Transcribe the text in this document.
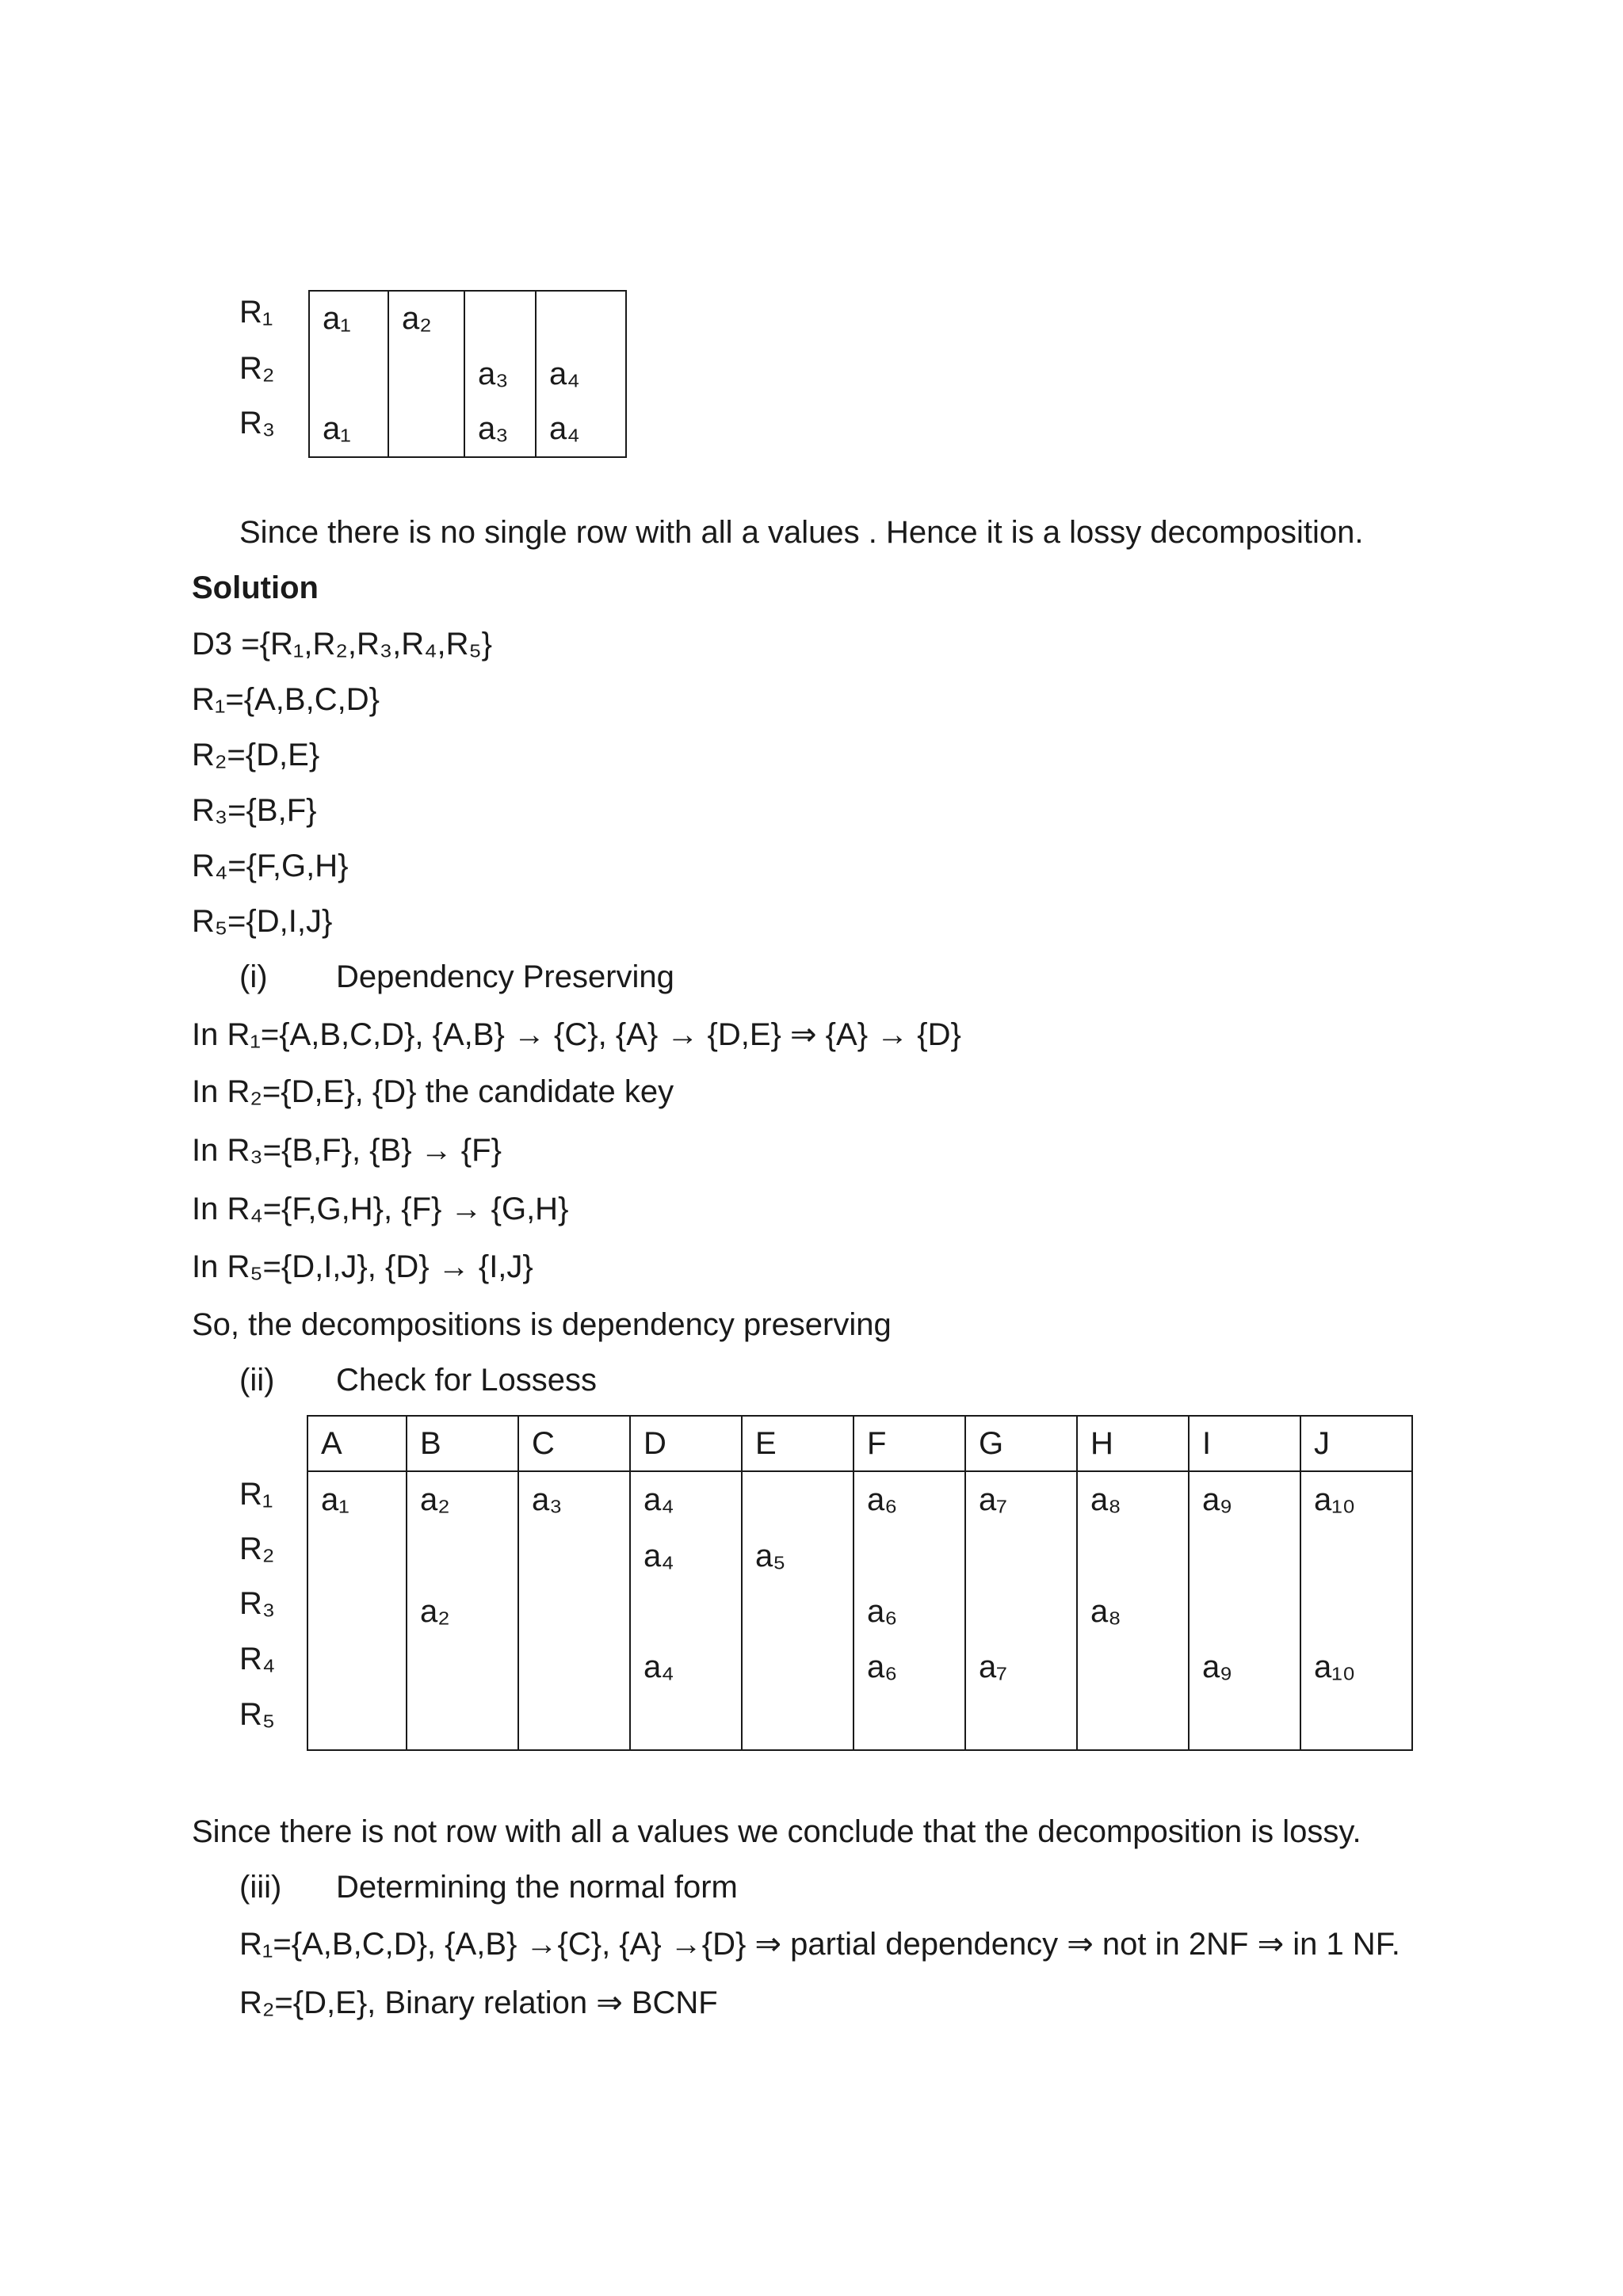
R₁
R₂
R₃
a₁	a₂		
		a₃	a₄
a₁		a₃	a₄
Since there is no single row with all a values . Hence it is a lossy decomposition.
Solution
D3 ={R₁,R₂,R₃,R₄,R₅}
R₁={A,B,C,D}
R₂={D,E}
R₃={B,F}
R₄={F,G,H}
R₅={D,I,J}
(i) Dependency Preserving
In R₁={A,B,C,D}, {A,B} → {C}, {A} → {D,E} ⇒ {A} → {D}
In R₂={D,E}, {D} the candidate key
In R₃={B,F}, {B} → {F}
In R₄={F,G,H}, {F} → {G,H}
In R₅={D,I,J}, {D} → {I,J}
So, the decompositions is dependency preserving
(ii) Check for Lossess
R₁
R₂
R₃
R₄
R₅
A	B	C	D	E	F	G	H	I	J
a₁	a₂	a₃	a₄		a₆	a₇	a₈	a₉	a₁₀
			a₄	a₅					
	a₂				a₆		a₈		
			a₄		a₆	a₇		a₉	a₁₀

Since there is not row with all a values we conclude that the decomposition is lossy.
(iii) Determining the normal form
R₁={A,B,C,D}, {A,B} →{C}, {A} →{D} ⇒ partial dependency ⇒ not in 2NF ⇒ in 1 NF.
R₂={D,E}, Binary relation ⇒ BCNF
